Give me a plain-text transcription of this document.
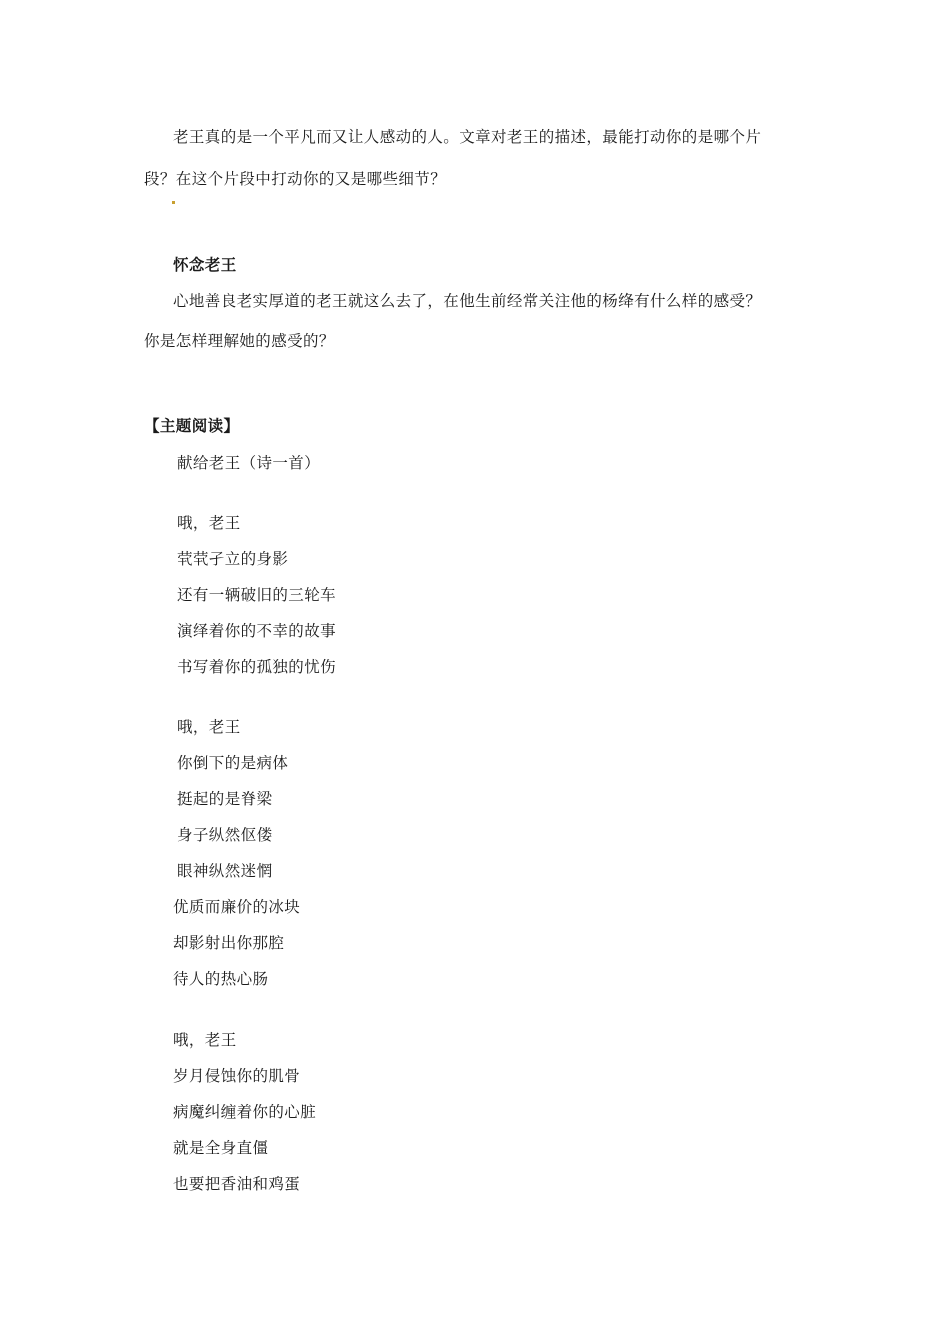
老王真的是一个平凡而又让人感动的人。文章对老王的描述，最能打动你的是哪个片
段？在这个片段中打动你的又是哪些细节？
怀念老王
心地善良老实厚道的老王就这么去了，在他生前经常关注他的杨绛有什么样的感受？
你是怎样理解她的感受的？
【主题阅读】
献给老王（诗一首）
哦，老王
茕茕孑立的身影
还有一辆破旧的三轮车
演绎着你的不幸的故事
书写着你的孤独的忧伤
哦，老王
你倒下的是病体
挺起的是脊梁
身子纵然伛偻
眼神纵然迷惘
优质而廉价的冰块
却影射出你那腔
待人的热心肠
哦，老王
岁月侵蚀你的肌骨
病魔纠缠着你的心脏
就是全身直僵
也要把香油和鸡蛋
